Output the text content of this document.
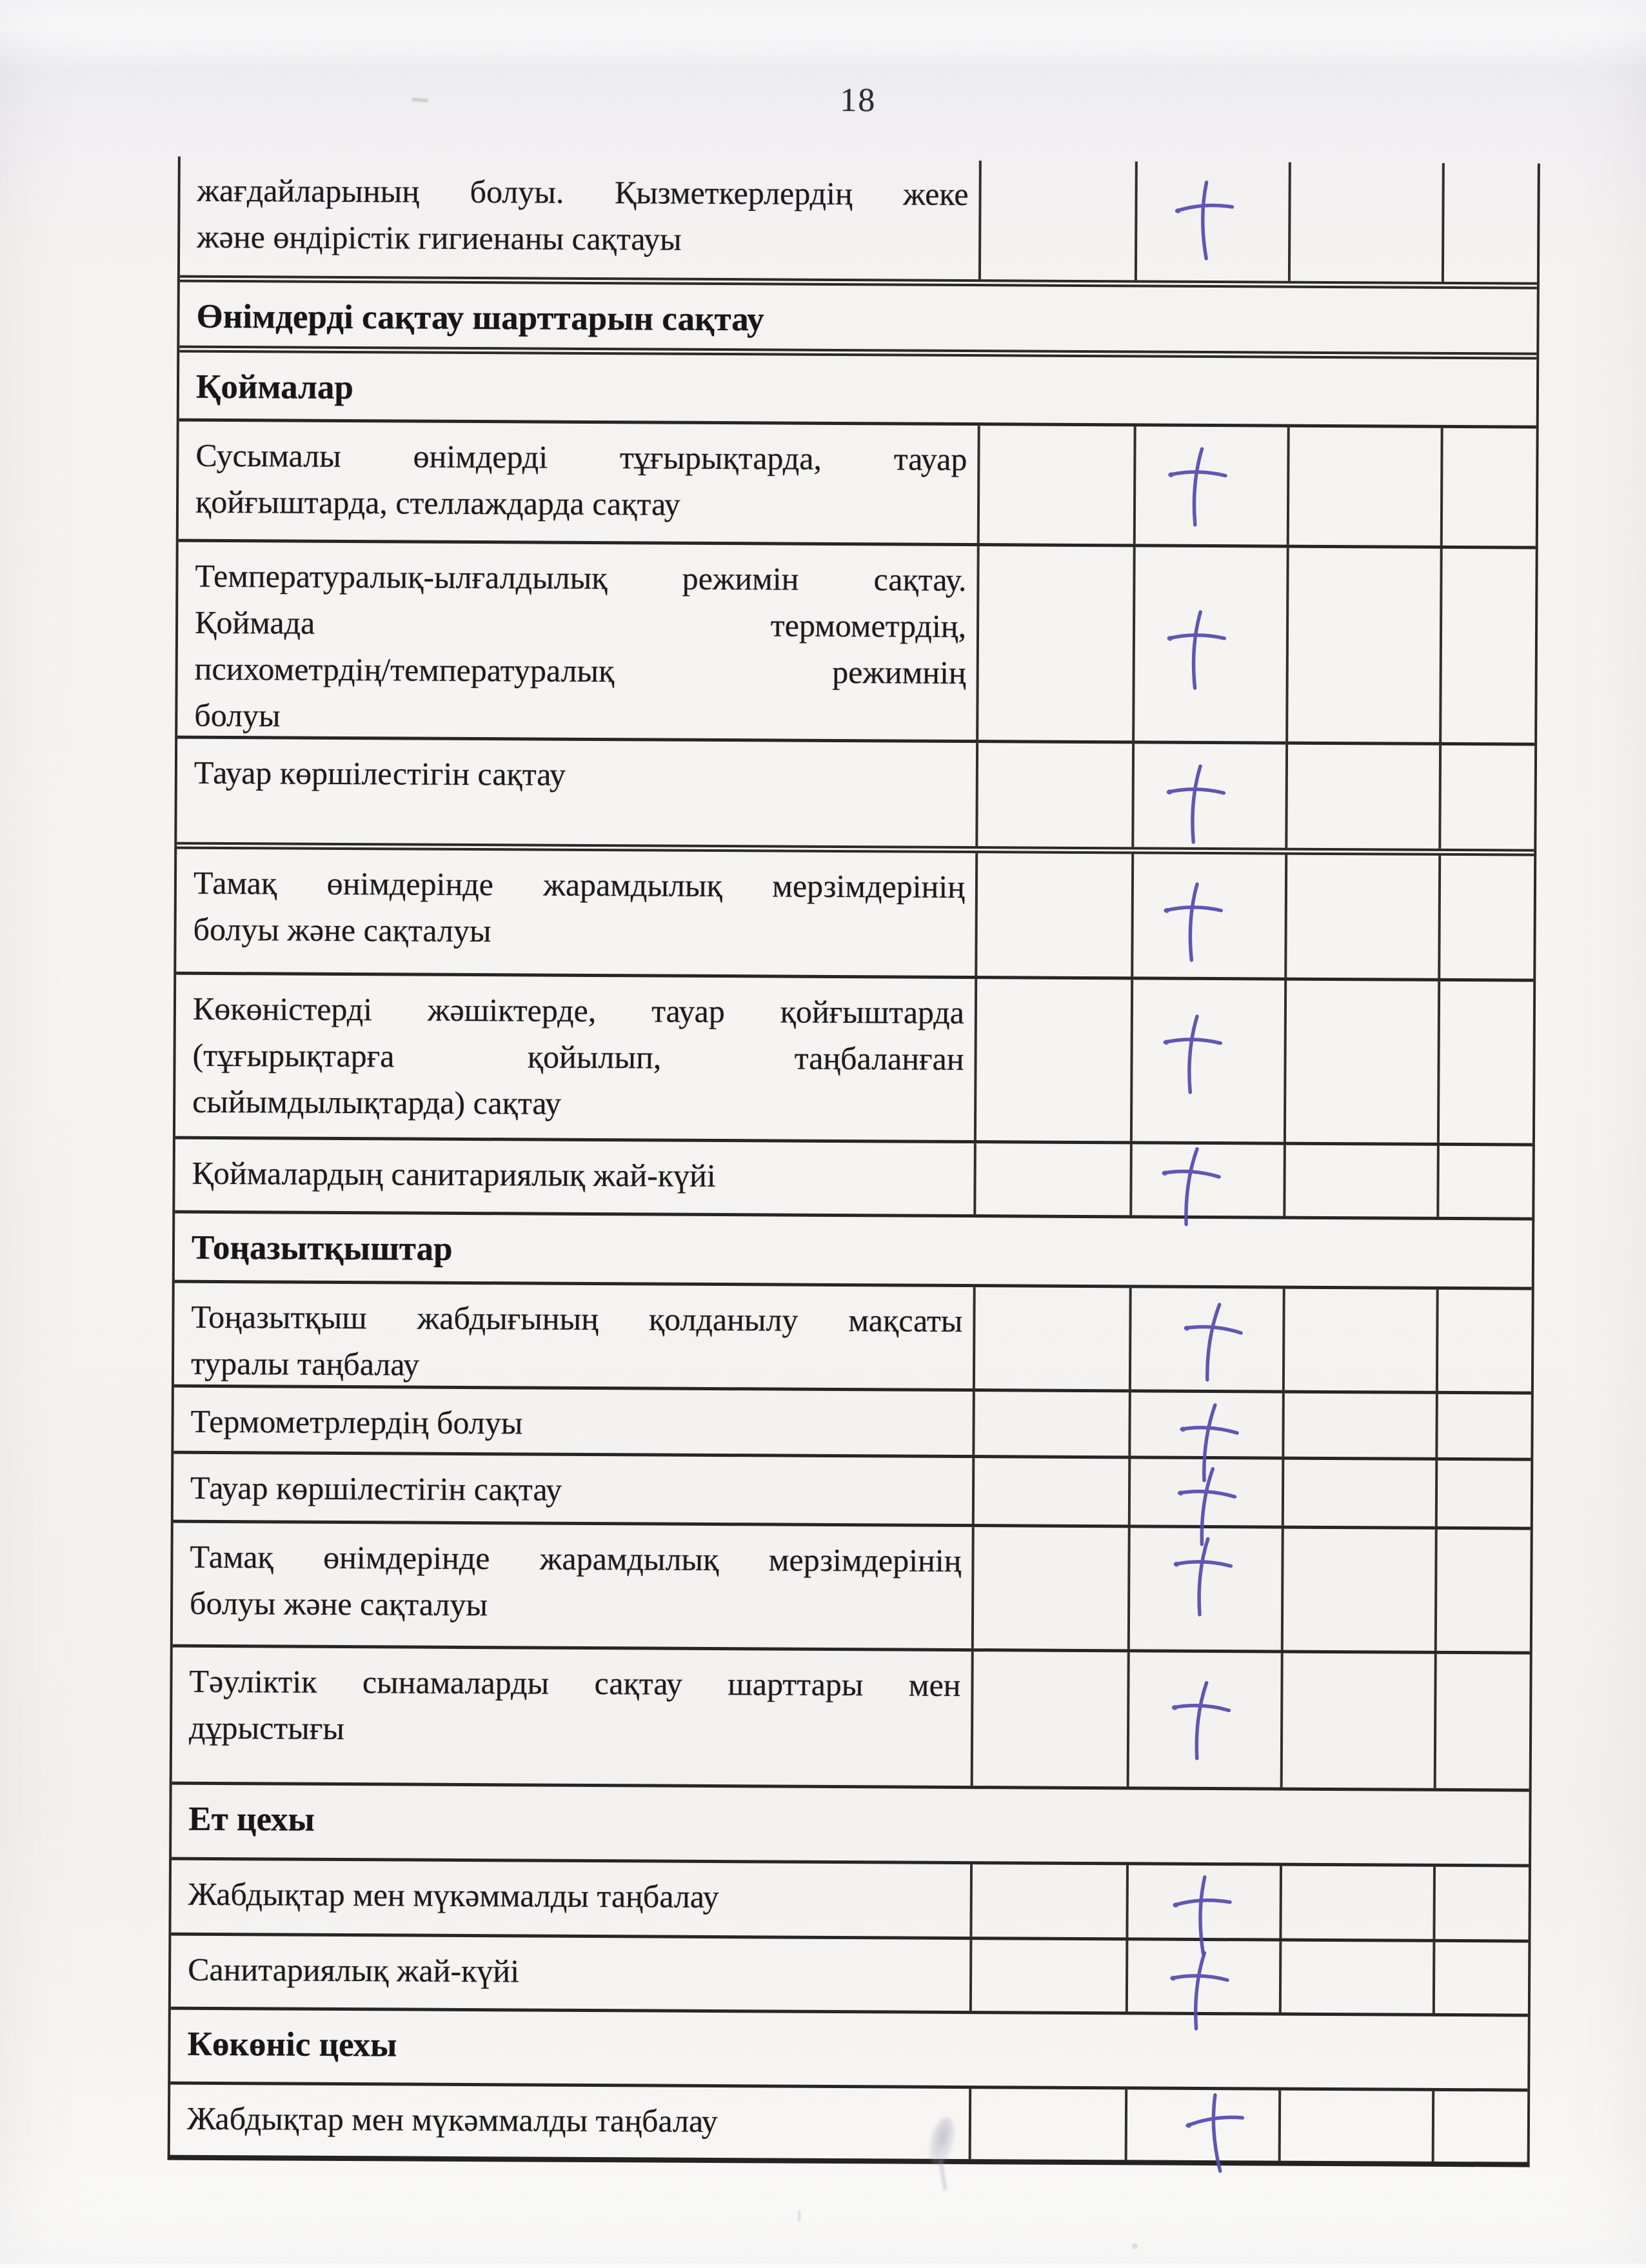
18
жағдайларының болуы. Қызметкерлердің жеке
және өндірістік гигиенаны сақтауы
Өнімдерді сақтау шарттарын сақтау
Қоймалар
Сусымалы өнімдерді тұғырықтарда, тауар
қойғыштарда, стеллаждарда сақтау
Температуралық-ылғалдылық режимін сақтау.
Қоймада термометрдің,
психометрдің/температуралық режимнің
болуы
Тауар көршілестігін сақтау
Тамақ өнімдерінде жарамдылық мерзімдерінің
болуы және сақталуы
Көкөністерді жәшіктерде, тауар қойғыштарда
(тұғырықтарға қойылып, таңбаланған
сыйымдылықтарда) сақтау
Қоймалардың санитариялық жай-күйі
Тоңазытқыштар
Тоңазытқыш жабдығының қолданылу мақсаты
туралы таңбалау
Термометрлердің болуы
Тауар көршілестігін сақтау
Тамақ өнімдерінде жарамдылық мерзімдерінің
болуы және сақталуы
Тәуліктік сынамаларды сақтау шарттары мен
дұрыстығы
Ет цехы
Жабдықтар мен мүкәммалды таңбалау
Санитариялық жай-күйі
Көкөніс цехы
Жабдықтар мен мүкәммалды таңбалау
